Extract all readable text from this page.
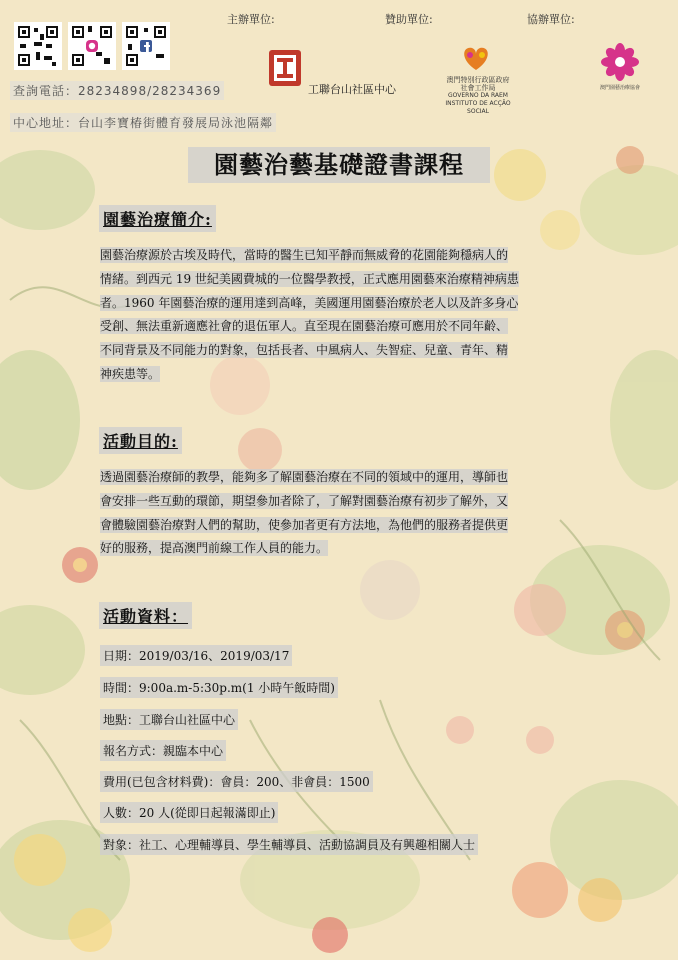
主辦單位:	贊助單位:	協辦單位:
查詢電話：28234898/28234369
中心地址：台山李寶椿街體育發展局泳池隔鄰
工聯台山社區中心
澳門特別行政區政府
社會工作局
GOVERNO DA RAEM
INSTITUTO DE ACÇÃO SOCIAL
澳門園藝治療協會
園藝治藝基礎證書課程
園藝治療簡介:
園藝治療源於古埃及時代，當時的醫生已知平靜而無威脅的花園能夠穩病人的
情緒。到西元 19 世紀美國費城的一位醫學教授，正式應用園藝來治療精神病患
者。1960 年園藝治療的運用達到高峰，美國運用園藝治療於老人以及許多身心
受創、無法重新適應社會的退伍軍人。直至現在園藝治療可應用於不同年齡、
不同背景及不同能力的對象，包括長者、中風病人、失智症、兒童、青年、精
神疾患等。
活動目的:
透過園藝治療師的教學，能夠多了解園藝治療在不同的領域中的運用，導師也
會安排一些互動的環節，期望參加者除了，了解對園藝治療有初步了解外，又
會體驗園藝治療對人們的幫助，使參加者更有方法地，為他們的服務者提供更
好的服務，提高澳門前線工作人員的能力。
活動資料：
日期：2019/03/16、2019/03/17
時間：9:00a.m-5:30p.m(1 小時午飯時間)
地點：工聯台山社區中心
報名方式：親臨本中心
費用(已包含材料費)：會員：200、非會員：1500
人數：20 人(從即日起報滿即止)
對象：社工、心理輔導員、學生輔導員、活動協調員及有興趣相關人士
